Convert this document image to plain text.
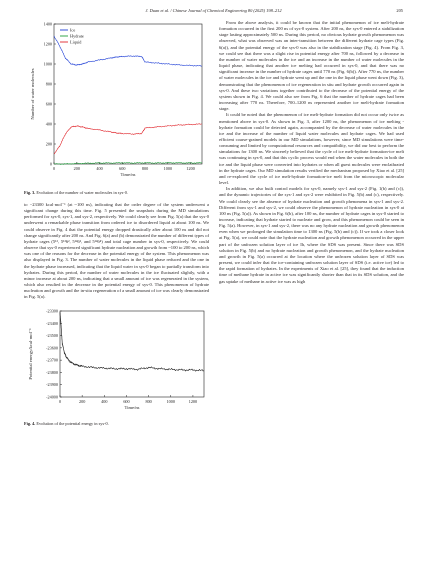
J. Duan et al. / Chinese Journal of Chemical Engineering 80 (2025) 198–212	205
0	200	400	600	800	1000	1200
0
200
400
600
800
1000
1200
1400
Time/ns
Number of water molecules
Ice
Hydrate
Liquid
Fig. 3. Evolution of the number of water molecules in sys-0.

to −23300 kcal·mol⁻¹ (at ~100 ns), indicating that the order degree of the system underwent a significant change during this time. Fig. 5 presented the snapshots during the MD simulations performed for sys-0, sys-1, and sys-2, respectively. We could clearly see from Fig. 5(a) that the sys-0 underwent a remarkable phase transition from ordered ice to disordered liquid at about 100 ns. We could observe in Fig. 4 that the potential energy dropped drastically after about 100 ns and did not change significantly after 200 ns. And Fig. 6(a) and (b) demonstrated the number of different types of hydrate cages (5¹², 5¹²6², 5¹²6³, and 5¹²6⁴) and total cage number in sys-0, respectively. We could observe that sys-0 experienced significant hydrate nucleation and growth from ~100 to 200 ns, which was one of the reasons for the decrease in the potential energy of the system. This phenomenon was also displayed in Fig. 3. The number of water molecules in the liquid phase reduced and the one in the hydrate phase increased, indicating that the liquid water in sys-0 began to partially transform into hydrates. During this period, the number of water molecules in the ice fluctuated slightly, with a minor increase at about 200 ns, indicating that a small amount of ice was regenerated in the system, which also resulted in the decrease in the potential energy of sys-0. This phenomenon of hydrate nucleation and growth and the in-situ regeneration of a small amount of ice was clearly demonstrated in Fig. 5(a).

0	200	400	600	800	1000	1200
-23300
-23400
-23500
-23600
-23700
-23800
-23900
-24000
Time/ns
Potential energy/kcal·mol⁻¹
Fig. 4. Evolution of the potential energy in sys-0.

From the above analysis, it could be known that the initial phenomenon of ice melt-hydrate formation occurred in the first 200 ns of sys-0 system. After 200 ns, the sys-0 entered a stabilization stage lasting approximately 500 ns. During this period, no obvious hydrate growth phenomenon was observed, what was observed was an inter-transition between the different hydrate cage types (Fig. 6(a)), and the potential energy of the sys-0 was also in the stabilization stage (Fig. 4). From Fig. 3, we could see that there was a slight rise in potential energy after 700 ns, followed by a decrease in the number of water molecules in the ice and an increase in the number of water molecules in the liquid phase, indicating that another ice melting had occurred in sys-0, and that there was no significant increase in the number of hydrate cages until 770 ns (Fig. 6(b)). After 770 ns, the number of water molecules in the ice and hydrate went up and the one in the liquid phase went down (Fig. 3), demonstrating that the phenomenon of ice regeneration in situ and hydrate growth occurred again in sys-0. And these two variations together contributed to the decrease of the potential energy of the system shown in Fig. 4. We could also see from Fig. 6 that the number of hydrate cages had been increasing after 770 ns. Therefore, 700–1200 ns represented another ice melt-hydrate formation stage.

It could be noted that the phenomenon of ice melt-hydrate formation did not occur only twice as mentioned above in sys-0. As shown in Fig. 3, after 1200 ns, the phenomenon of ice melting - hydrate formation could be detected again, accompanied by the decrease of water molecules in the ice and the increase of the number of liquid water molecules and hydrate cages. We had used efficient coarse-grained models in our MD simulations, however, since MD simulations were time-consuming and limited by computational resources and compatibility, we did our best to perform the simulations for 1300 ns. We sincerely believed that the cycle of ice melt-hydrate formation-ice melt was continuing in sys-0, and that this cyclic process would end when the water molecules in both the ice and the liquid phase were converted into hydrates or when all guest molecules were enclathrated in the hydrate cages. Our MD simulation results verified the mechanism proposed by Xiao et al. [25] and re-explored the cycle of ice melt-hydrate formation-ice melt from the microscopic molecular level.

In addition, we also built control models for sys-0, namely sys-1 and sys-2 (Fig. 1(b) and (c)), and the dynamic trajectories of the sys-1 and sys-2 were exhibited in Fig. 5(b) and (c), respectively. We could clearly see the absence of hydrate nucleation and growth phenomena in sys-1 and sys-2. Different from sys-1 and sys-2, we could observe the phenomenon of hydrate nucleation in sys-0 at 100 ns (Fig. 5(a)). As shown in Fig. 6(b), after 100 ns, the number of hydrate cages in sys-0 started to increase, indicating that hydrate started to nucleate and grow, and this phenomenon could be seen in Fig. 5(a). However, in sys-1 and sys-2, there was no any hydrate nucleation and growth phenomenon even when we prolonged the simulation time to 1300 ns (Fig. 5(b) and (c)). If we took a closer look at Fig. 5(a), we could note that the hydrate nucleation and growth phenomenon occurred in the upper part of the unfrozen solution layer of ice Ih, where the SDS was present. Since there was SDS solution in Fig. 5(b) and no hydrate nucleation and growth phenomenon, and the hydrate nucleation and growth in Fig. 5(a) occurred at the location where the unfrozen solution layer of SDS was present, we could infer that the ice-containing unfrozen solution layer of SDS (i.e. active ice) led to the rapid formation of hydrates. In the experiments of Xiao et al. [25], they found that the induction time of methane hydrate in active ice was significantly shorter than that in its SDS solution, and the gas uptake of methane in active ice was as high
